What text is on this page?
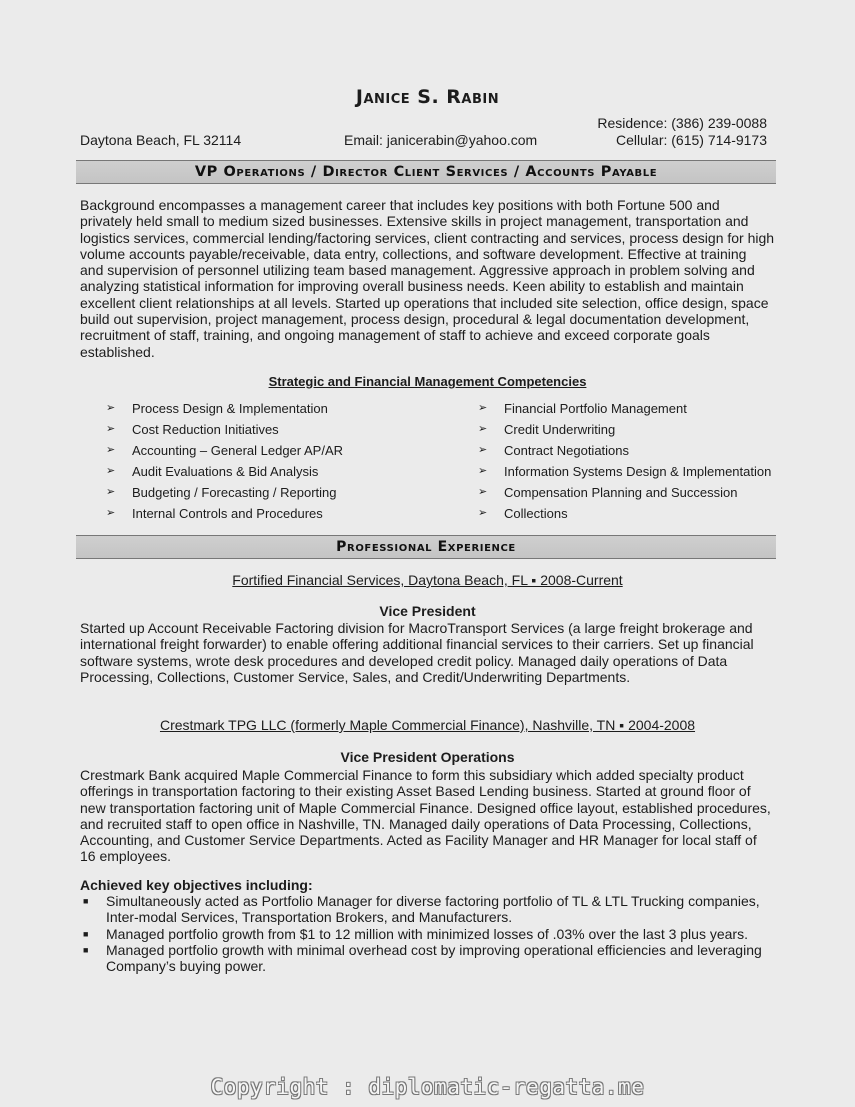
Janice S. Rabin
Daytona Beach, FL 32114	Email: janicerabin@yahoo.com
Residence: (386) 239-0088
Cellular: (615) 714-9173
VP Operations / Director Client Services / Accounts Payable
Background encompasses a management career that includes key positions with both Fortune 500 and
privately held small to medium sized businesses. Extensive skills in project management, transportation and
logistics services, commercial lending/factoring services, client contracting and services, process design for high
volume accounts payable/receivable, data entry, collections, and software development. Effective at training
and supervision of personnel utilizing team based management. Aggressive approach in problem solving and
analyzing statistical information for improving overall business needs. Keen ability to establish and maintain
excellent client relationships at all levels. Started up operations that included site selection, office design, space
build out supervision, project management, process design, procedural & legal documentation development,
recruitment of staff, training, and ongoing management of staff to achieve and exceed corporate goals
established.
Strategic and Financial Management Competencies
➢ Process Design & Implementation
➢ Cost Reduction Initiatives
➢ Accounting – General Ledger AP/AR
➢ Audit Evaluations & Bid Analysis
➢ Budgeting / Forecasting / Reporting
➢ Internal Controls and Procedures
➢ Financial Portfolio Management
➢ Credit Underwriting
➢ Contract Negotiations
➢ Information Systems Design & Implementation
➢ Compensation Planning and Succession
➢ Collections
Professional Experience
Fortified Financial Services, Daytona Beach, FL ▪ 2008-Current
Vice President
Started up Account Receivable Factoring division for MacroTransport Services (a large freight brokerage and
international freight forwarder) to enable offering additional financial services to their carriers. Set up financial
software systems, wrote desk procedures and developed credit policy. Managed daily operations of Data
Processing, Collections, Customer Service, Sales, and Credit/Underwriting Departments.
Crestmark TPG LLC (formerly Maple Commercial Finance), Nashville, TN ▪ 2004-2008
Vice President Operations
Crestmark Bank acquired Maple Commercial Finance to form this subsidiary which added specialty product
offerings in transportation factoring to their existing Asset Based Lending business. Started at ground floor of
new transportation factoring unit of Maple Commercial Finance. Designed office layout, established procedures,
and recruited staff to open office in Nashville, TN. Managed daily operations of Data Processing, Collections,
Accounting, and Customer Service Departments. Acted as Facility Manager and HR Manager for local staff of
16 employees.
Achieved key objectives including:
■ Simultaneously acted as Portfolio Manager for diverse factoring portfolio of TL & LTL Trucking companies,
Inter-modal Services, Transportation Brokers, and Manufacturers.
■ Managed portfolio growth from $1 to 12 million with minimized losses of .03% over the last 3 plus years.
■ Managed portfolio growth with minimal overhead cost by improving operational efficiencies and leveraging
Company’s buying power.
Copyright : diplomatic-regatta.me
